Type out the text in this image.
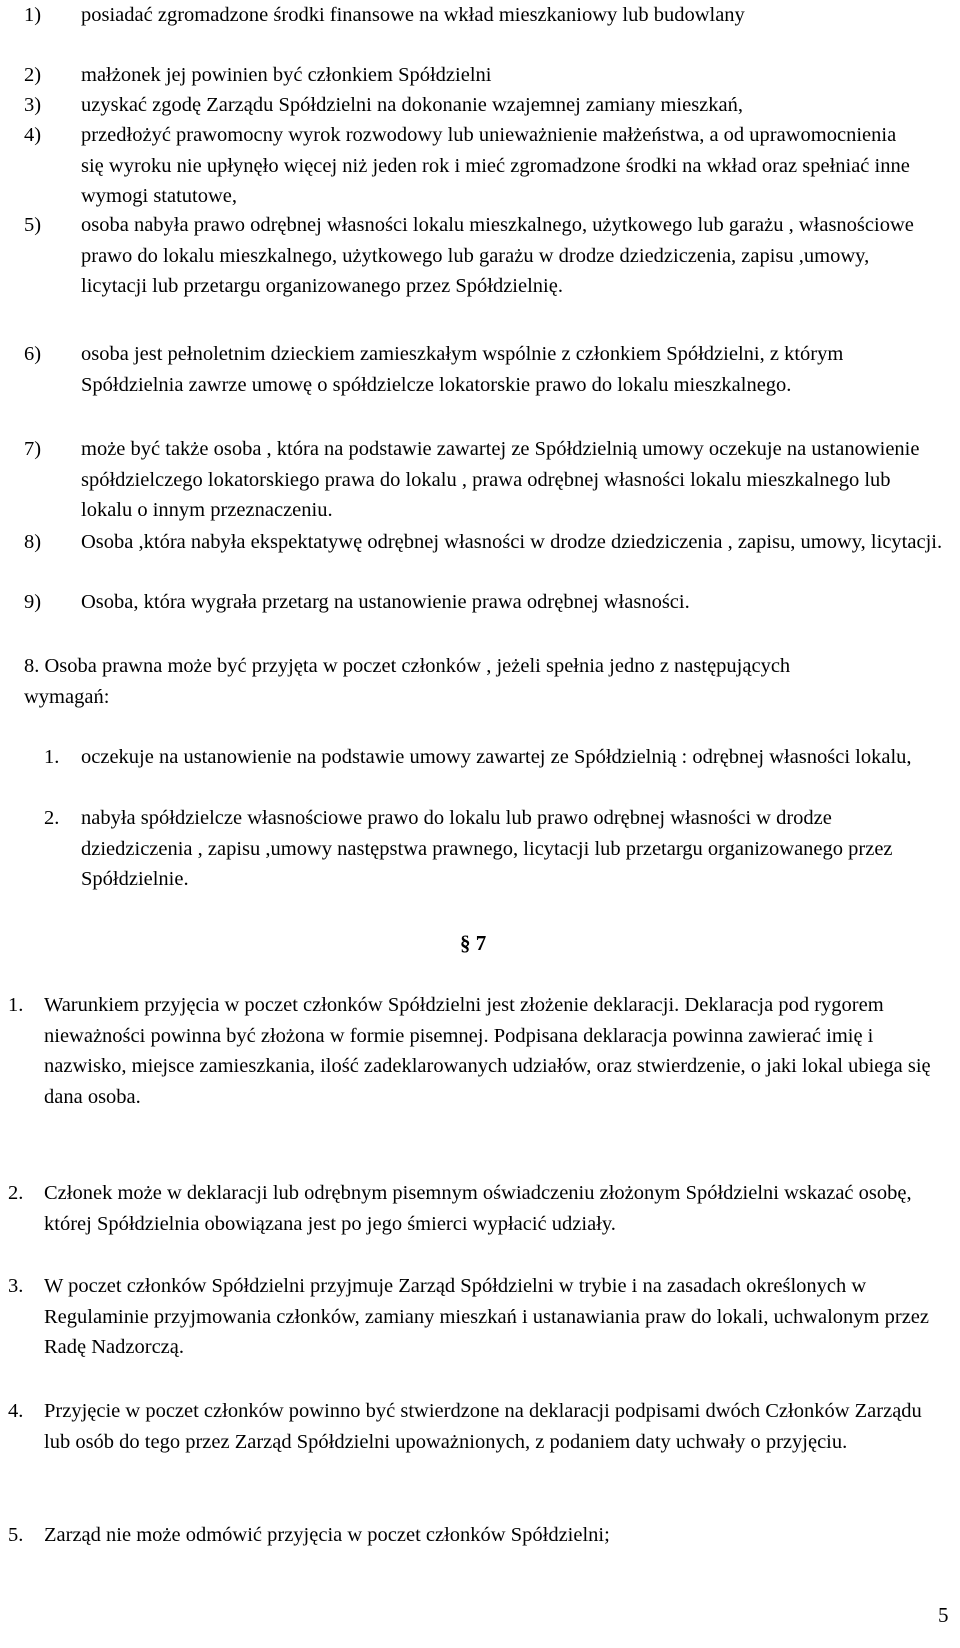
1)	posiadać zgromadzone środki finansowe na wkład mieszkaniowy lub budowlany
2)	małżonek jej powinien być członkiem Spółdzielni
3)	uzyskać zgodę Zarządu Spółdzielni na dokonanie wzajemnej zamiany mieszkań,
4)	przedłożyć prawomocny wyrok rozwodowy lub unieważnienie małżeństwa, a od uprawomocnienia się wyroku nie upłynęło więcej niż jeden rok i mieć zgromadzone środki na wkład oraz spełniać inne wymogi statutowe,
5)	osoba nabyła prawo odrębnej własności lokalu mieszkalnego, użytkowego lub garażu , własnościowe prawo do lokalu mieszkalnego, użytkowego lub garażu w drodze dziedziczenia, zapisu ,umowy, licytacji lub przetargu organizowanego przez Spółdzielnię.
6)	osoba jest pełnoletnim dzieckiem zamieszkałym wspólnie z członkiem Spółdzielni, z którym Spółdzielnia zawrze umowę o spółdzielcze lokatorskie prawo do lokalu mieszkalnego.
7)	może być także osoba , która na podstawie zawartej ze Spółdzielnią umowy oczekuje na ustanowienie spółdzielczego lokatorskiego prawa do lokalu , prawa odrębnej własności lokalu mieszkalnego lub lokalu o innym przeznaczeniu.
8)	Osoba ,która nabyła ekspektatywę odrębnej własności w drodze dziedziczenia , zapisu, umowy, licytacji.
9)	Osoba, która wygrała przetarg na ustanowienie prawa odrębnej własności.
8. Osoba prawna może być przyjęta w poczet członków , jeżeli spełnia jedno z następujących wymagań:
1.	oczekuje na ustanowienie na podstawie umowy zawartej ze Spółdzielnią : odrębnej własności lokalu,
2.	nabyła spółdzielcze własnościowe prawo do lokalu lub prawo odrębnej własności w drodze dziedziczenia , zapisu ,umowy następstwa prawnego, licytacji lub przetargu organizowanego przez Spółdzielnie.
§ 7
1.	Warunkiem przyjęcia w poczet członków Spółdzielni jest złożenie deklaracji. Deklaracja pod rygorem nieważności powinna być złożona w formie pisemnej. Podpisana deklaracja powinna zawierać imię i nazwisko, miejsce zamieszkania, ilość zadeklarowanych udziałów, oraz stwierdzenie, o jaki lokal ubiega się dana osoba.
2.	Członek może w deklaracji lub odrębnym pisemnym oświadczeniu złożonym Spółdzielni wskazać osobę, której Spółdzielnia obowiązana jest po jego śmierci wypłacić udziały.
3.	W poczet członków Spółdzielni przyjmuje Zarząd Spółdzielni w trybie i na zasadach określonych w Regulaminie przyjmowania członków, zamiany mieszkań i ustanawiania praw do lokali, uchwalonym przez Radę Nadzorczą.
4.	Przyjęcie w poczet członków powinno być stwierdzone na deklaracji podpisami dwóch Członków Zarządu lub osób do tego przez Zarząd Spółdzielni upoważnionych, z podaniem daty uchwały o przyjęciu.
5.	Zarząd nie może odmówić przyjęcia w poczet członków Spółdzielni;
5
